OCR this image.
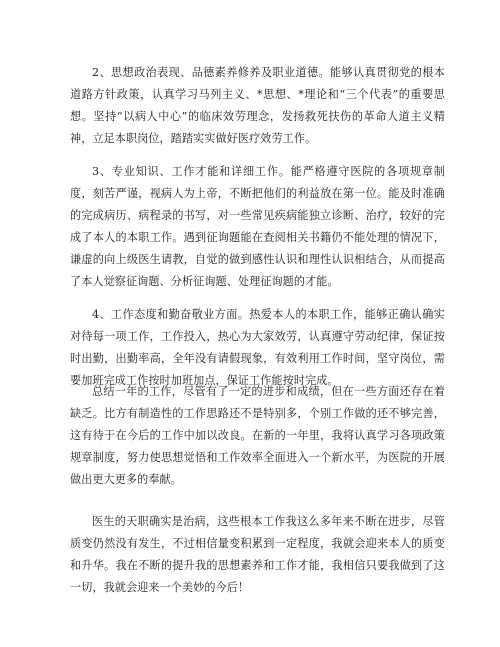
2、思想政治表现、品德素养修养及职业道德。能够认真贯彻党的根本道路方针政策，认真学习马列主义、*思想、*理论和“三个代表”的重要思想。坚持“以病人中心”的临床效劳理念，发扬救死扶伤的革命人道主义精神，立足本职岗位，踏踏实实做好医疗效劳工作。

3、专业知识、工作才能和详细工作。能严格遵守医院的各项规章制度，刻苦严谨，视病人为上帝，不断把他们的利益放在第一位。能及时准确的完成病历、病程录的书写，对一些常见疾病能独立诊断、治疗，较好的完成了本人的本职工作。遇到征询题能在查阅相关书籍仍不能处理的情况下，谦虚的向上级医生请教，自觉的做到感性认识和理性认识相结合，从而提高了本人觉察征询题、分析征询题、处理征询题的才能。

4、工作态度和勤奋敬业方面。热爱本人的本职工作，能够正确认确实对待每一项工作，工作投入，热心为大家效劳，认真遵守劳动纪律，保证按时出勤，出勤率高，全年没有请假现象，有效利用工作时间，坚守岗位，需要加班完成工作按时加班加点，保证工作能按时完成。

总结一年的工作，尽管有了一定的进步和成绩，但在一些方面还存在着缺乏。比方有制造性的工作思路还不是特别多，个别工作做的还不够完善，这有待于在今后的工作中加以改良。在新的一年里，我将认真学习各项政策规章制度，努力使思想觉悟和工作效率全面进入一个新水平，为医院的开展做出更大更多的奉献。

医生的天职确实是治病，这些根本工作我这么多年来不断在进步，尽管质变仍然没有发生，不过相信量变积累到一定程度，我就会迎来本人的质变和升华。我在不断的提升我的思想素养和工作才能，我相信只要我做到了这一切，我就会迎来一个美妙的今后！
